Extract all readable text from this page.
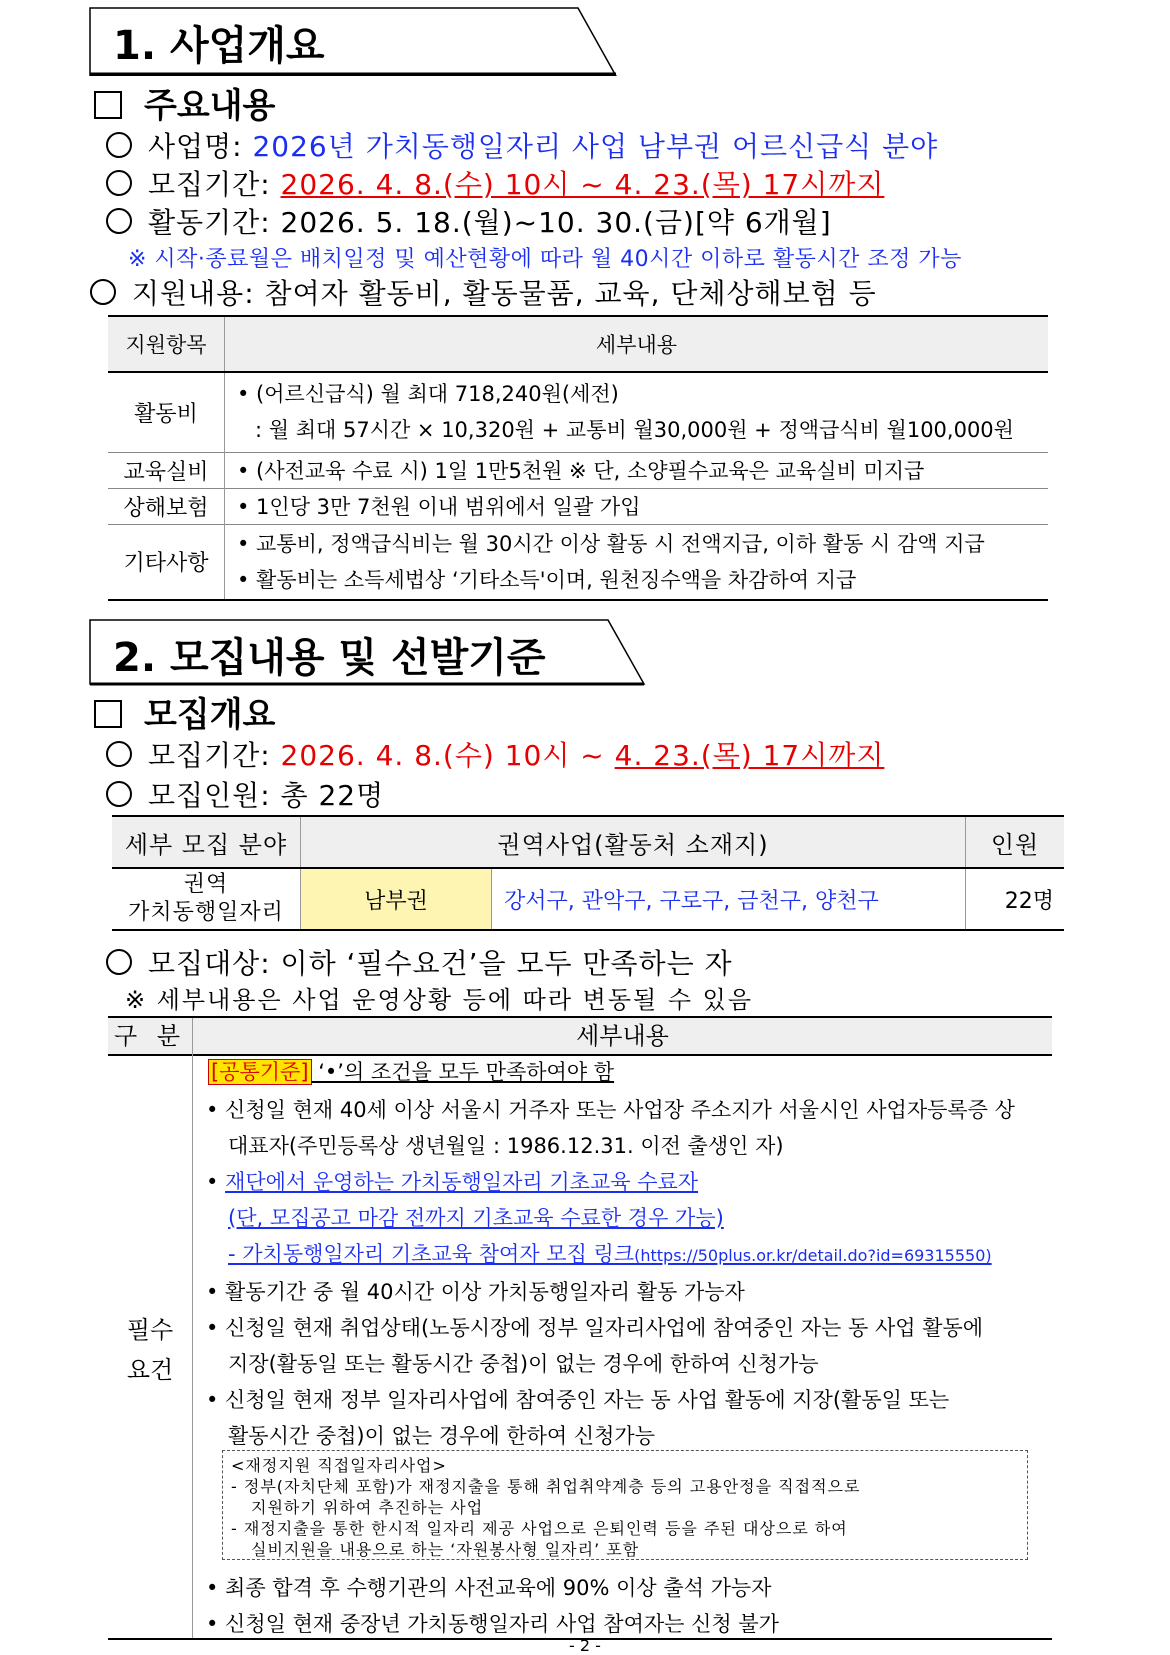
1. 사업개요
주요내용
사업명: 2026년 가치동행일자리 사업 남부권 어르신급식 분야
모집기간: 2026. 4. 8.(수) 10시 ~ 4. 23.(목) 17시까지
활동기간: 2026. 5. 18.(월)~10. 30.(금)[약 6개월]
※ 시작·종료월은 배치일정 및 예산현황에 따라 월 40시간 이하로 활동시간 조정 가능
지원내용: 참여자 활동비, 활동물품, 교육, 단체상해보험 등
지원항목	세부내용
활동비	• (어르신급식) 월 최대 718,240원(세전)
: 월 최대 57시간 × 10,320원 + 교통비 월30,000원 + 정액급식비 월100,000원

교육실비	• (사전교육 수료 시) 1일 1만5천원 ※ 단, 소양필수교육은 교육실비 미지급
상해보험	• 1인당 3만 7천원 이내 범위에서 일괄 가입
기타사항	• 교통비, 정액급식비는 월 30시간 이상 활동 시 전액지급, 이하 활동 시 감액 지급
• 활동비는 소득세법상 ‘기타소득'이며, 원천징수액을 차감하여 지급
2. 모집내용 및 선발기준
모집개요
모집기간: 2026. 4. 8.(수) 10시 ~ 4. 23.(목) 17시까지
모집인원: 총 22명
세부 모집 분야	권역사업(활동처 소재지)		인원

권역
가치동행일자리	남부권	강서구, 관악구, 구로구, 금천구, 양천구	22명
모집대상: 이하 ‘필수요건’을 모두 만족하는 자
※ 세부내용은 사업 운영상황 등에 따라 변동될 수 있음
구 분	세부내용
필수
요건
[공통기준] ‘•’의 조건을 모두 만족하여야 함
• 신청일 현재 40세 이상 서울시 거주자 또는 사업장 주소지가 서울시인 사업자등록증 상
대표자(주민등록상 생년월일 : 1986.12.31. 이전 출생인 자)
• 재단에서 운영하는 가치동행일자리 기초교육 수료자
(단, 모집공고 마감 전까지 기초교육 수료한 경우 가능)
- 가치동행일자리 기초교육 참여자 모집 링크(https://50plus.or.kr/detail.do?id=69315550)
• 활동기간 중 월 40시간 이상 가치동행일자리 활동 가능자
• 신청일 현재 취업상태(노동시장에 정부 일자리사업에 참여중인 자는 동 사업 활동에
지장(활동일 또는 활동시간 중첩)이 없는 경우에 한하여 신청가능
• 신청일 현재 정부 일자리사업에 참여중인 자는 동 사업 활동에 지장(활동일 또는
활동시간 중첩)이 없는 경우에 한하여 신청가능
<재정지원 직접일자리사업>
- 정부(자치단체 포함)가 재정지출을 통해 취업취약계층 등의 고용안정을 직접적으로
지원하기 위하여 추진하는 사업
- 재정지출을 통한 한시적 일자리 제공 사업으로 은퇴인력 등을 주된 대상으로 하여
실비지원을 내용으로 하는 ‘자원봉사형 일자리’ 포함
• 최종 합격 후 수행기관의 사전교육에 90% 이상 출석 가능자
• 신청일 현재 중장년 가치동행일자리 사업 참여자는 신청 불가
- 2 -
